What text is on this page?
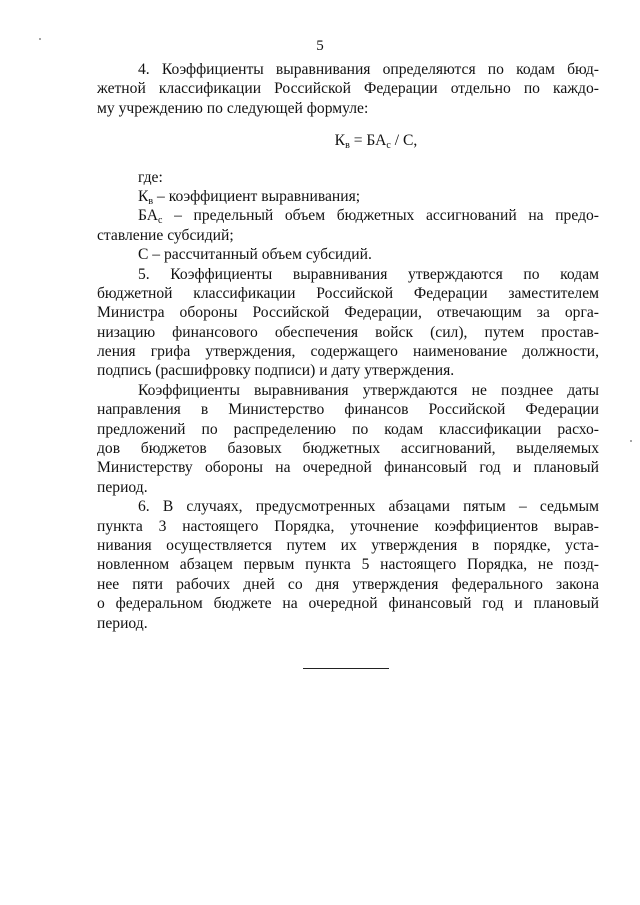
5
4. Коэффициенты выравнивания определяются по кодам бюд-
жетной классификации Российской Федерации отдельно по каждо-
му учреждению по следующей формуле:
$К_в = БА_с / С$,
где:
$К_в$ – коэффициент выравнивания;
$БА_с$ – предельный объем бюджетных ассигнований на предо-
ставление субсидий;
С – рассчитанный объем субсидий.
5. Коэффициенты выравнивания утверждаются по кодам
бюджетной классификации Российской Федерации заместителем
Министра обороны Российской Федерации, отвечающим за орга-
низацию финансового обеспечения войск (сил), путем простав-
ления грифа утверждения, содержащего наименование должности,
подпись (расшифровку подписи) и дату утверждения.
Коэффициенты выравнивания утверждаются не позднее даты
направления в Министерство финансов Российской Федерации
предложений по распределению по кодам классификации расхо-
дов бюджетов базовых бюджетных ассигнований, выделяемых
Министерству обороны на очередной финансовый год и плановый
период.
6. В случаях, предусмотренных абзацами пятым – седьмым
пункта 3 настоящего Порядка, уточнение коэффициентов вырав-
нивания осуществляется путем их утверждения в порядке, уста-
новленном абзацем первым пункта 5 настоящего Порядка, не позд-
нее пяти рабочих дней со дня утверждения федерального закона
о федеральном бюджете на очередной финансовый год и плановый
период.
